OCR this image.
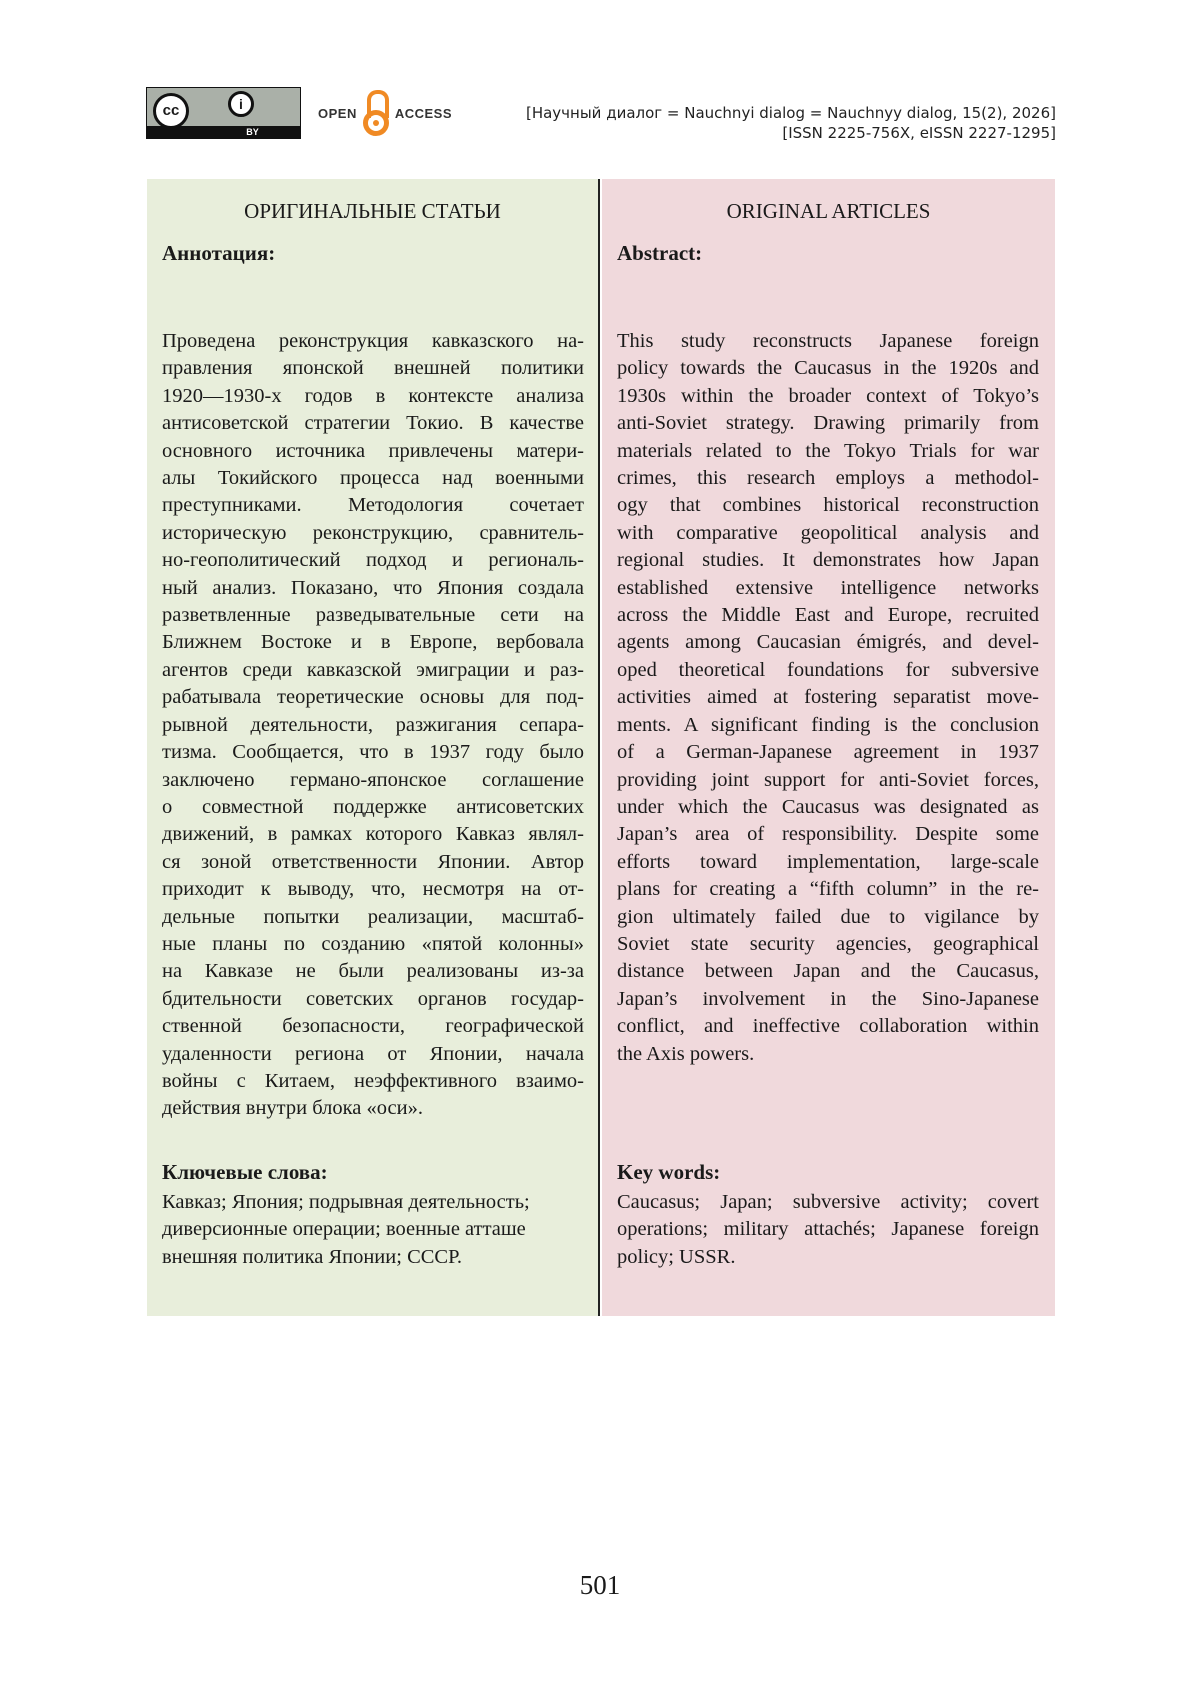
cc	i
BY
OPEN	ACCESS	[Научный диалог = Nauchnyi dialog = Nauchnyy dialog, 15(2), 2026]
[ISSN 2225-756X, eISSN 2227-1295]
ОРИГИНАЛЬНЫЕ СТАТЬИ
Аннотация:
Проведена реконструкция кавказского на-
правления японской внешней политики
1920—1930-х годов в контексте анализа
антисоветской стратегии Токио. В качестве
основного источника привлечены матери-
алы Токийского процесса над военными
преступниками. Методология сочетает
историческую реконструкцию, сравнитель-
но-геополитический подход и региональ-
ный анализ. Показано, что Япония создала
разветвленные разведывательные сети на
Ближнем Востоке и в Европе, вербовала
агентов среди кавказской эмиграции и раз-
рабатывала теоретические основы для под-
рывной деятельности, разжигания сепара-
тизма. Сообщается, что в 1937 году было
заключено германо-японское соглашение
о совместной поддержке антисоветских
движений, в рамках которого Кавказ являл-
ся зоной ответственности Японии. Автор
приходит к выводу, что, несмотря на от-
дельные попытки реализации, масштаб-
ные планы по созданию «пятой колонны»
на Кавказе не были реализованы из-за
бдительности советских органов государ-
ственной безопасности, географической
удаленности региона от Японии, начала
войны с Китаем, неэффективного взаимо-
действия внутри блока «оси».
Ключевые слова:
Кавказ; Япония; подрывная деятельность;
диверсионные операции; военные атташе
внешняя политика Японии; СССР.
ORIGINAL ARTICLES
Abstract:
This study reconstructs Japanese foreign
policy towards the Caucasus in the 1920s and
1930s within the broader context of Tokyo’s
anti-Soviet strategy. Drawing primarily from
materials related to the Tokyo Trials for war
crimes, this research employs a methodol-
ogy that combines historical reconstruction
with comparative geopolitical analysis and
regional studies. It demonstrates how Japan
established extensive intelligence networks
across the Middle East and Europe, recruited
agents among Caucasian émigrés, and devel-
oped theoretical foundations for subversive
activities aimed at fostering separatist move-
ments. A significant finding is the conclusion
of a German-Japanese agreement in 1937
providing joint support for anti-Soviet forces,
under which the Caucasus was designated as
Japan’s area of responsibility. Despite some
efforts toward implementation, large-scale
plans for creating a “fifth column” in the re-
gion ultimately failed due to vigilance by
Soviet state security agencies, geographical
distance between Japan and the Caucasus,
Japan’s involvement in the Sino-Japanese
conflict, and ineffective collaboration within
the Axis powers.
Key words:
Caucasus; Japan; subversive activity; covert
operations; military attachés; Japanese foreign
policy; USSR.
501
